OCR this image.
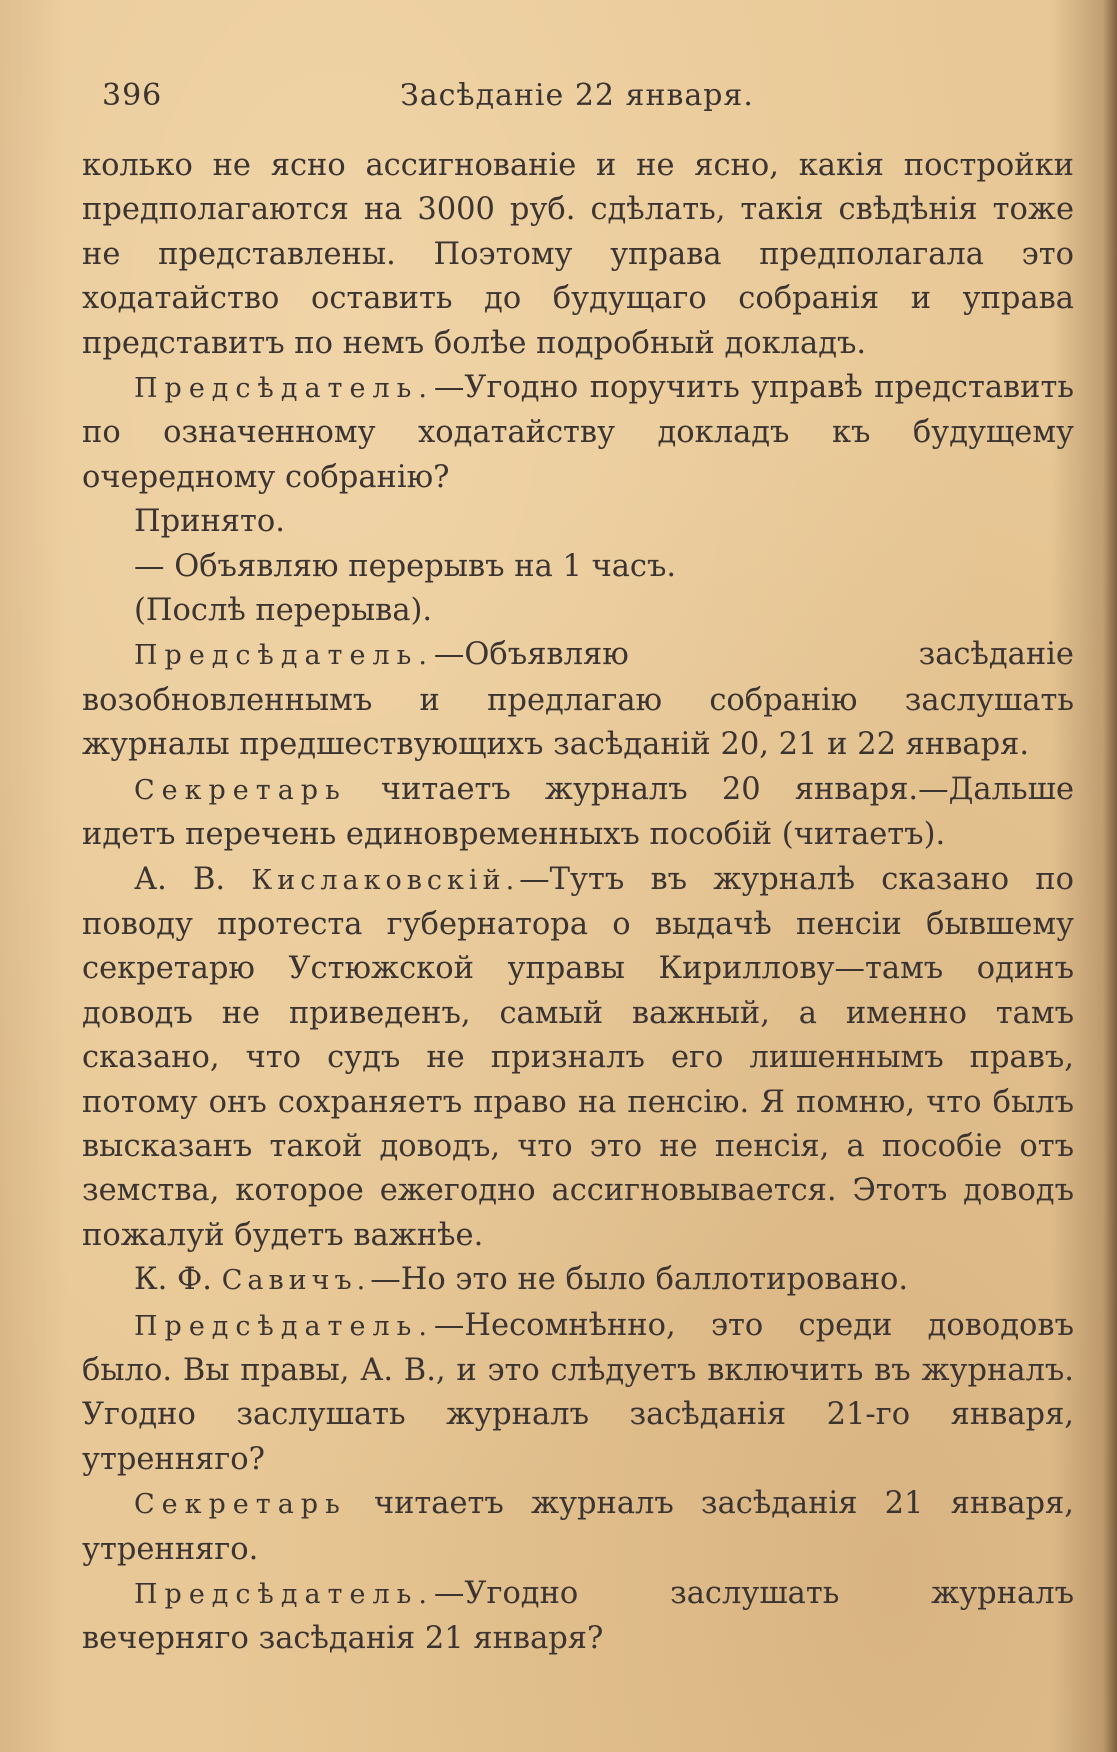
396	Засѣданіе 22 января.

колько не ясно ассигнованіе и не ясно, какія постройки предполагаются на 3000 руб. сдѣлать, такія свѣдѣнія тоже не представлены. Поэтому управа предполагала это ходатайство оставить до будущаго собранія и управа представитъ по немъ болѣе подробный докладъ.

Предсѣдатель.—Угодно поручить управѣ представить по означенному ходатайству докладъ къ будущему очередному собранію?

Принято.

— Объявляю перерывъ на 1 часъ.

(Послѣ перерыва).

Предсѣдатель.—Объявляю засѣданіе возобновленнымъ и предлагаю собранію заслушать журналы предшествующихъ засѣданій 20, 21 и 22 января.

Секретарь читаетъ журналъ 20 января.—Дальше идетъ перечень единовременныхъ пособій (читаетъ).

А. В. Кислаковскій.—Тутъ въ журналѣ сказано по поводу протеста губернатора о выдачѣ пенсіи бывшему секретарю Устюжской управы Кириллову—тамъ одинъ доводъ не приведенъ, самый важный, а именно тамъ сказано, что судъ не призналъ его лишеннымъ правъ, потому онъ сохраняетъ право на пенсію. Я помню, что былъ высказанъ такой доводъ, что это не пенсія, а пособіе отъ земства, которое ежегодно ассигновывается. Этотъ доводъ пожалуй будетъ важнѣе.

К. Ф. Савичъ.—Но это не было баллотировано.

Предсѣдатель.—Несомнѣнно, это среди доводовъ было. Вы правы, А. В., и это слѣдуетъ включить въ журналъ. Угодно заслушать журналъ засѣданія 21-го января, утренняго?

Секретарь читаетъ журналъ засѣданія 21 января, утренняго.

Предсѣдатель.—Угодно заслушать журналъ вечерняго засѣданія 21 января?
